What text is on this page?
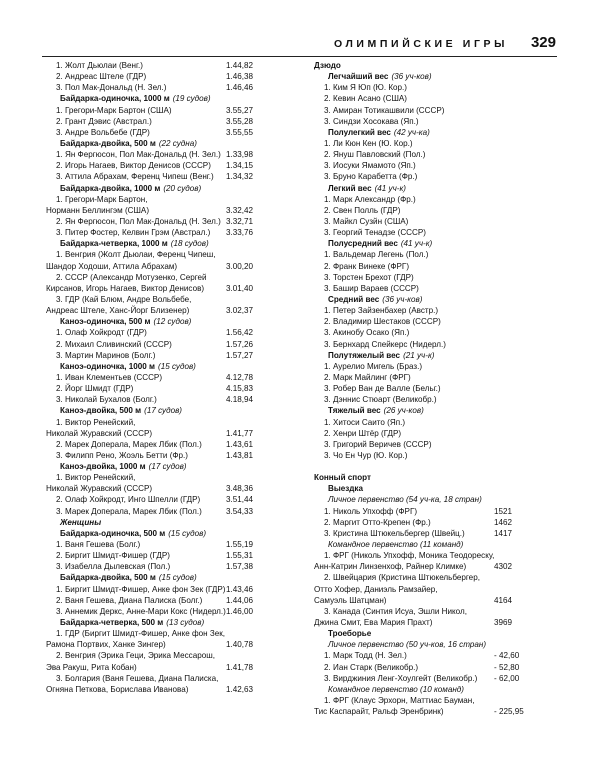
ОЛИМПИЙСКИЕ ИГРЫ 329
1. Жолт Дьюлаи (Венг.)	1.44,82
2. Андреас Штеле (ГДР)	1.46,38
3. Пол Мак-Дональд (Н. Зел.)	1.46,46
Байдарка-одиночка, 1000 м (19 судов)
1. Грегори-Марк Бартон (США)	3.55,27
2. Грант Дэвис (Австрал.)	3.55,28
3. Андре Вольбебе (ГДР)	3.55,55
Байдарка-двойка, 500 м (22 судна)
1. Ян Фергюсон, Пол Мак-Дональд (Н. Зел.) 1.33,98
2. Игорь Нагаев, Виктор Денисов (СССР) 1.34,15
3. Аттила Абрахам, Ференц Чипеш (Венг.) 1.34,32
Байдарка-двойка, 1000 м (20 судов)
1. Грегори-Марк Бартон,
Норманн Беллингэм (США)	3.32,42
2. Ян Фергюсон, Пол Мак-Дональд (Н. Зел.) 3.32,71
3. Питер Фостер, Келвин Грэм (Австрал.) 3.33,76
Байдарка-четверка, 1000 м (18 судов)
1. Венгрия (Жолт Дьюлаи, Ференц Чипеш,
Шандор Ходоши, Аттила Абрахам)	3.00,20
2. СССР (Александр Мотузенко, Сергей
Кирсанов, Игорь Нагаев, Виктор Денисов)	3.01,40
3. ГДР (Кай Блюм, Андре Вольбебе,
Андреас Штеле, Ханс-Йорг Близенер)	3.02,37
Каноэ-одиночка, 500 м (12 судов)
1. Олаф Хойкродт (ГДР)	1.56,42
2. Михаил Сливинский (СССР)	1.57,26
3. Мартин Маринов (Болг.)	1.57,27
Каноэ-одиночка, 1000 м (15 судов)
1. Иван Клементьев (СССР)	4.12,78
2. Йорг Шмидт (ГДР)	4.15,83
3. Николай Бухалов (Болг.)	4.18,94
Каноэ-двойка, 500 м (17 судов)
1. Виктор Ренейский,
Николай Журавский (СССР)	1.41,77
2. Марек Доперала, Марек Лбик (Пол.)	1.43,61
3. Филипп Рено, Жоэль Бетти (Фр.)	1.43,81
Каноэ-двойка, 1000 м (17 судов)
1. Виктор Ренейский,
Николай Журавский (СССР)	3.48,36
2. Олаф Хойкродт, Инго Шпелли (ГДР)	3.51,44
3. Марек Доперала, Марек Лбик (Пол.)	3.54,33
Женщины
Байдарка-одиночка, 500 м (15 судов)
1. Ваня Гешева (Болг.)	1.55,19
2. Биргит Шмидт-Фишер (ГДР)	1.55,31
3. Изабелла Дылевская (Пол.)	1.57,38
Байдарка-двойка, 500 м (15 судов)
1. Биргит Шмидт-Фишер, Анке фон Зек (ГДР) 1.43,46
2. Ваня Гешева, Диана Палиска (Болг.)	1.44,06
3. Аннемик Деркс, Анне-Мари Кокс (Нидерл.) 1.46,00
Байдарка-четверка, 500 м (13 судов)
1. ГДР (Биргит Шмидт-Фишер, Анке фон Зек,
Рамона Портвих, Ханке Зингер)	1.40,78
2. Венгрия (Эрика Геци, Эрика Мессарош,
Эва Ракуш, Рита Кобан)	1.41,78
3. Болгария (Ваня Гешева, Диана Палиска,
Огняна Петкова, Борислава Иванова)	1.42,63
Дзюдо
Легчайший вес (36 уч-ков)
1. Ким Я Юп (Ю. Кор.)
2. Кевин Асано (США)
3. Амиран Тотикашвили (СССР)
3. Синдзи Хосокава (Яп.)
Полулегкий вес (42 уч-ка)
1. Ли Кюн Кен (Ю. Кор.)
2. Януш Павловский (Пол.)
3. Иосуки Ямамото (Яп.)
3. Бруно Карабетта (Фр.)
Легкий вес (41 уч-к)
1. Марк Александр (Фр.)
2. Свен Полль (ГДР)
3. Майкл Сузйн (США)
3. Георгий Тенадзе (СССР)
Полусредний вес (41 уч-к)
1. Вальдемар Легень (Пол.)
2. Франк Винеке (ФРГ)
3. Торстен Брехот (ГДР)
3. Башир Вараев (СССР)
Средний вес (36 уч-ков)
1. Петер Зайзенбахер (Австр.)
2. Владимир Шестаков (СССР)
3. Акинобу Осако (Яп.)
3. Бернхард Спейкерс (Нидерл.)
Полутяжелый вес (21 уч-к)
1. Аурелио Мигель (Браз.)
2. Марк Майлинг (ФРГ)
3. Робер Ван де Валле (Бельг.)
3. Дэннис Стюарт (Великобр.)
Тяжелый вес (26 уч-ков)
1. Хитоси Саито (Яп.)
2. Хенри Штёр (ГДР)
3. Григорий Веричев (СССР)
3. Чо Ен Чур (Ю. Кор.)
Конный спорт
Выездка
Личное первенство (54 уч-ка, 18 стран)
1. Николь Упхофф (ФРГ)	1521
2. Маргит Отто-Крепен (Фр.)	1462
3. Кристина Штюкельбергер (Швейц.)	1417
Командное первенство (11 команд)
1. ФРГ (Николь Упхофф, Моника Теодореску,
Анн-Катрин Линзенхоф, Райнер Климке)	4302
2. Швейцария (Кристина Штюкельбергер,
Отто Хофер, Даниэль Рамзайер,
Самуэль Шатцман)	4164
3. Канада (Синтия Исуа, Эшли Никол,
Джина Смит, Ева Мария Прахт)	3969
Троеборье
Личное первенство (50 уч-ков, 16 стран)
1. Марк Тодд (Н. Зел.)	- 42,60
2. Иан Старк (Великобр.)	- 52,80
3. Вирджиния Ленг-Хоулгейт (Великобр.) - 62,00
Командное первенство (10 команд)
1. ФРГ (Клаус Эрхорн, Маттиас Бауман,
Тис Каспарайт, Ральф Эренбринк)	- 225,95
